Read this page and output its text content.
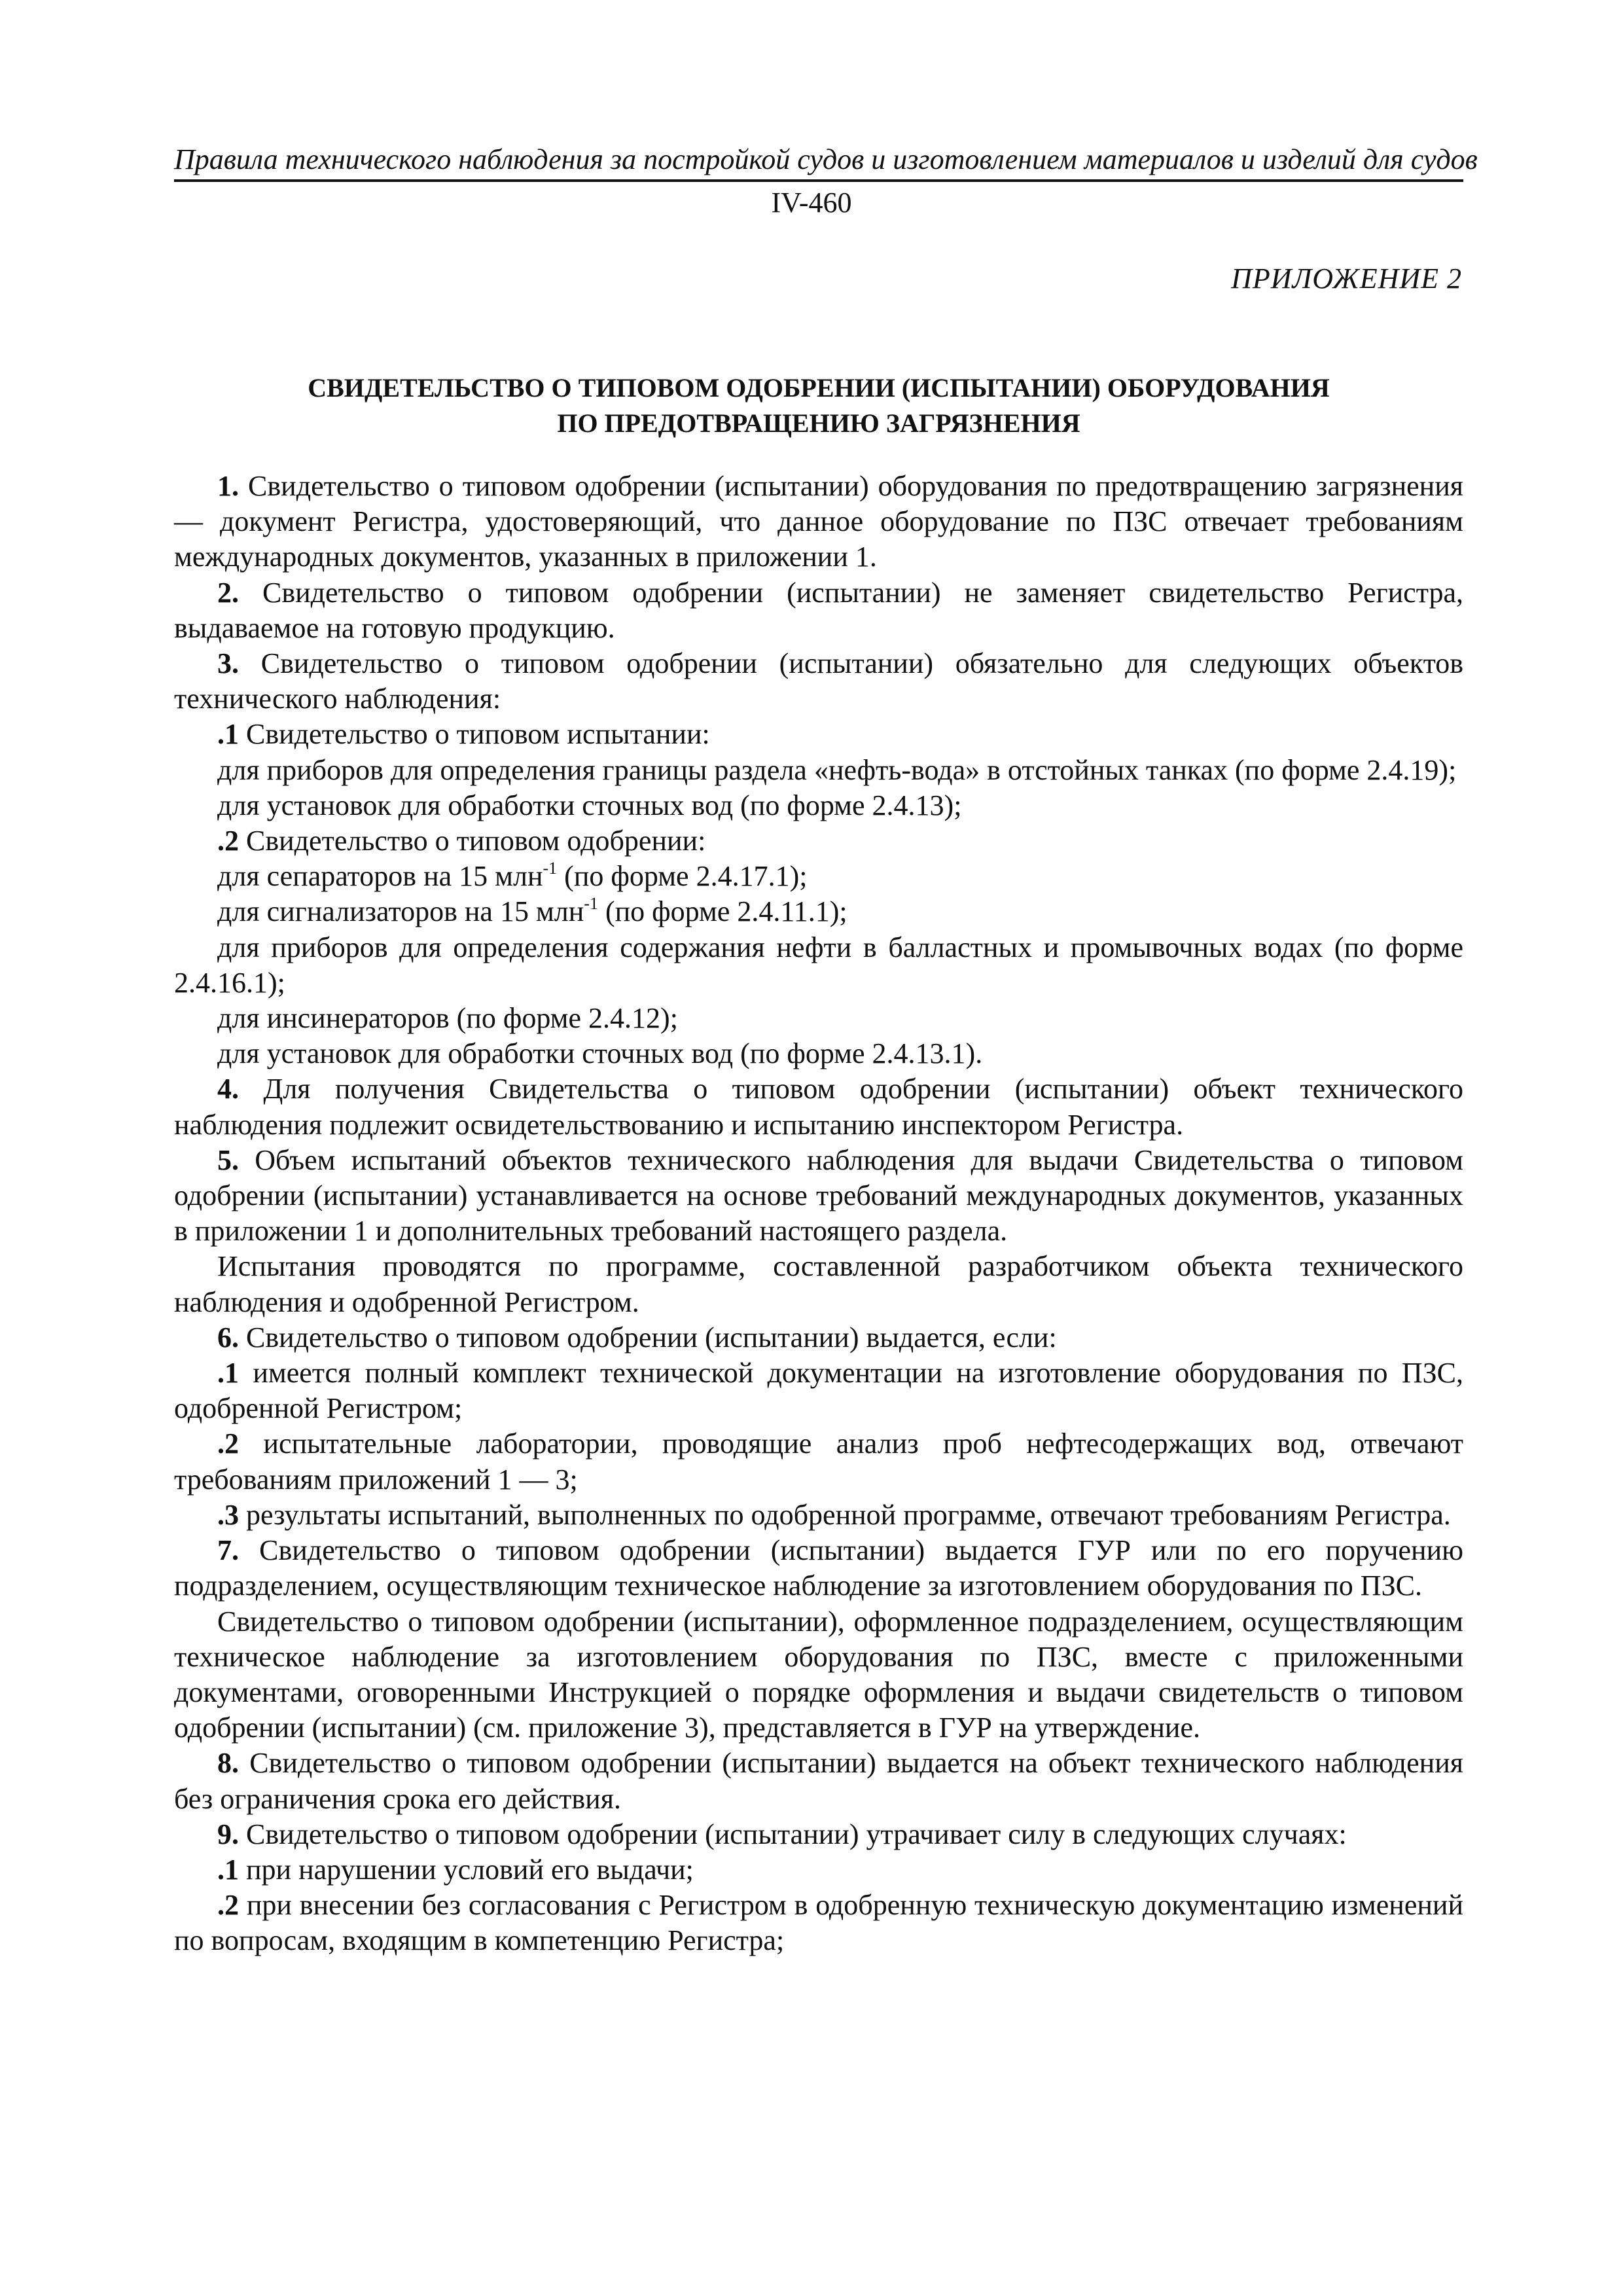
Правила технического наблюдения за постройкой судов и изготовлением материалов и изделий для судов
IV-460
ПРИЛОЖЕНИЕ 2
СВИДЕТЕЛЬСТВО О ТИПОВОМ ОДОБРЕНИИ (ИСПЫТАНИИ) ОБОРУДОВАНИЯ
ПО ПРЕДОТВРАЩЕНИЮ ЗАГРЯЗНЕНИЯ

1. Свидетельство о типовом одобрении (испытании) оборудования по предотвращению загрязнения — документ Регистра, удостоверяющий, что данное оборудование по ПЗС отвечает требованиям международных документов, указанных в приложении 1.

2. Свидетельство о типовом одобрении (испытании) не заменяет свидетельство Регистра, выдаваемое на готовую продукцию.

3. Свидетельство о типовом одобрении (испытании) обязательно для следующих объектов технического наблюдения:

.1 Свидетельство о типовом испытании:

для приборов для определения границы раздела «нефть-вода» в отстойных танках (по форме 2.4.19);

для установок для обработки сточных вод (по форме 2.4.13);

.2 Свидетельство о типовом одобрении:

для сепараторов на 15 млн$^{-1}$ (по форме 2.4.17.1);

для сигнализаторов на 15 млн$^{-1}$ (по форме 2.4.11.1);

для приборов для определения содержания нефти в балластных и промывочных водах (по форме 2.4.16.1);

для инсинераторов (по форме 2.4.12);

для установок для обработки сточных вод (по форме 2.4.13.1).

4. Для получения Свидетельства о типовом одобрении (испытании) объект технического наблюдения подлежит освидетельствованию и испытанию инспектором Регистра.

5. Объем испытаний объектов технического наблюдения для выдачи Свидетельства о типовом одобрении (испытании) устанавливается на основе требований международных документов, указанных в приложении 1 и дополнительных требований настоящего раздела.

Испытания проводятся по программе, составленной разработчиком объекта технического наблюдения и одобренной Регистром.

6. Свидетельство о типовом одобрении (испытании) выдается, если:

.1 имеется полный комплект технической документации на изготовление оборудования по ПЗС, одобренной Регистром;

.2 испытательные лаборатории, проводящие анализ проб нефтесодержащих вод, отвечают требованиям приложений 1 — 3;

.3 результаты испытаний, выполненных по одобренной программе, отвечают требованиям Регистра.

7. Свидетельство о типовом одобрении (испытании) выдается ГУР или по его поручению подразделением, осуществляющим техническое наблюдение за изготовлением оборудования по ПЗС.

Свидетельство о типовом одобрении (испытании), оформленное подразделением, осуществляющим техническое наблюдение за изготовлением оборудования по ПЗС, вместе с приложенными документами, оговоренными Инструкцией о порядке оформления и выдачи свидетельств о типовом одобрении (испытании) (см. приложение 3), представляется в ГУР на утверждение.

8. Свидетельство о типовом одобрении (испытании) выдается на объект технического наблюдения без ограничения срока его действия.

9. Свидетельство о типовом одобрении (испытании) утрачивает силу в следующих случаях:

.1 при нарушении условий его выдачи;

.2 при внесении без согласования с Регистром в одобренную техническую документацию изменений по вопросам, входящим в компетенцию Регистра;
